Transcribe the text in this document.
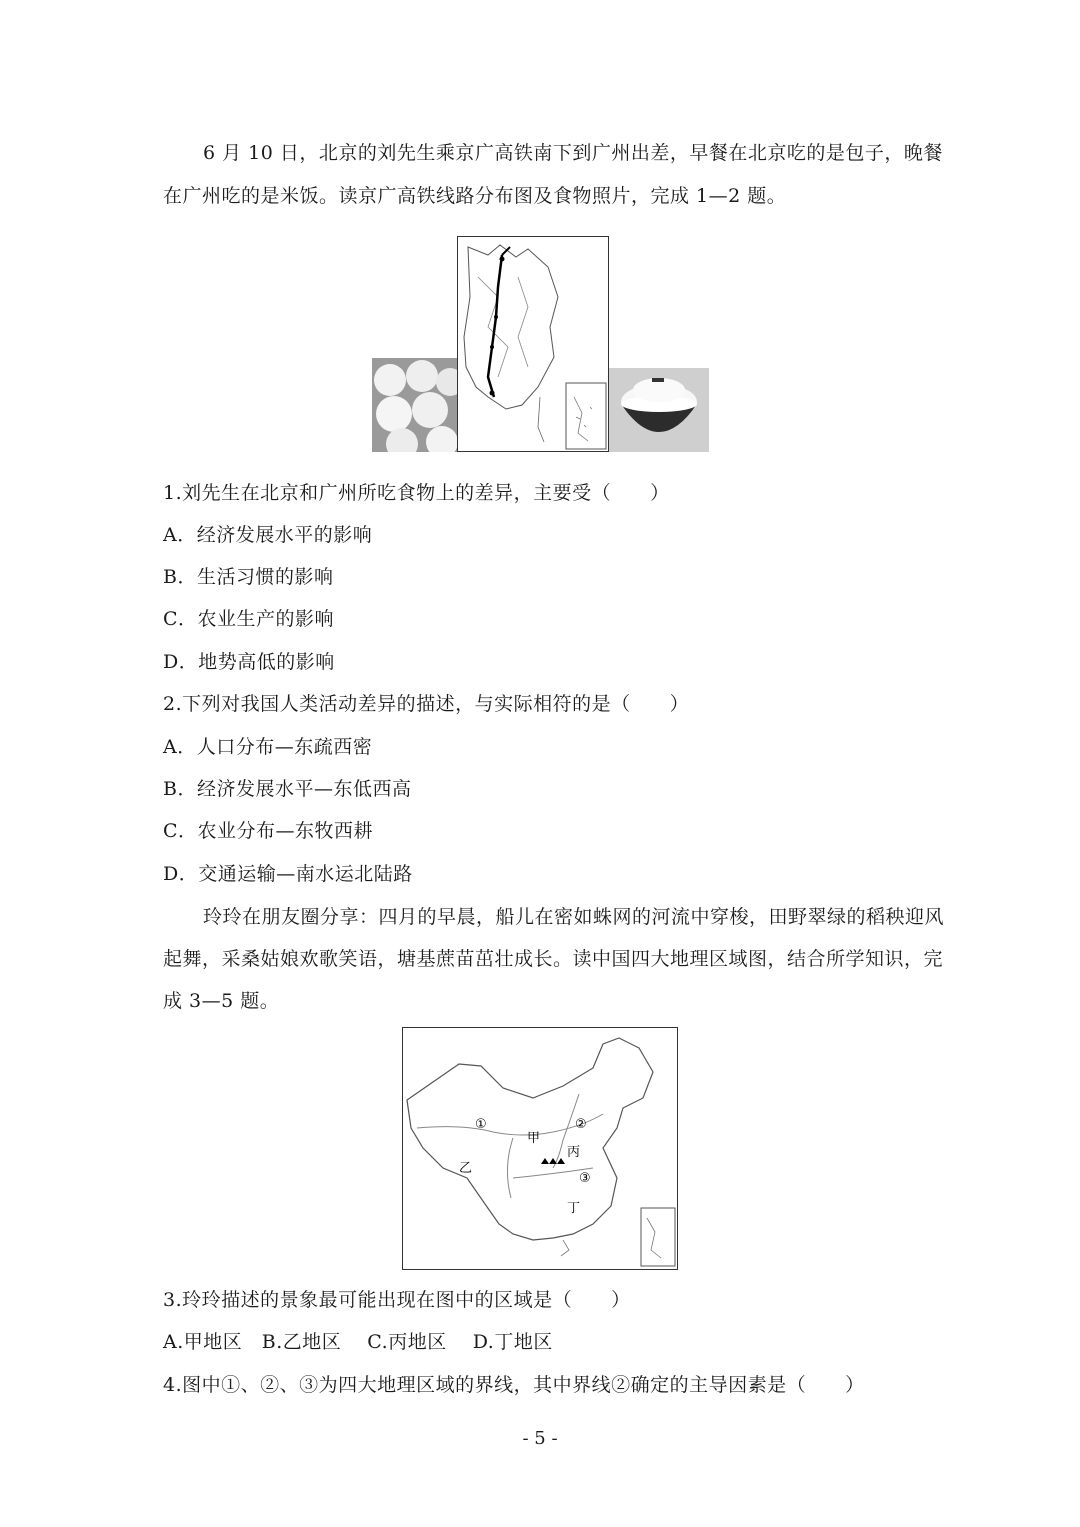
6 月 10 日，北京的刘先生乘京广高铁南下到广州出差，早餐在北京吃的是包子，晚餐
在广州吃的是米饭。读京广高铁线路分布图及食物照片，完成 1—2 题。
1.刘先生在北京和广州所吃食物上的差异，主要受（　　）
A．经济发展水平的影响
B．生活习惯的影响
C．农业生产的影响
D．地势高低的影响
2.下列对我国人类活动差异的描述，与实际相符的是（　　）
A．人口分布—东疏西密
B．经济发展水平—东低西高
C．农业分布—东牧西耕
D．交通运输—南水运北陆路
玲玲在朋友圈分享：四月的早晨，船儿在密如蛛网的河流中穿梭，田野翠绿的稻秧迎风
起舞，采桑姑娘欢歌笑语，塘基蔗苗茁壮成长。读中国四大地理区域图，结合所学知识，完
成 3—5 题。
①	②
③
甲
乙
丙
丁
3.玲玲描述的景象最可能出现在图中的区域是（　　）
A.甲地区　B.乙地区　 C.丙地区　 D.丁地区
4.图中①、②、③为四大地理区域的界线，其中界线②确定的主导因素是（　　）
- 5 -
